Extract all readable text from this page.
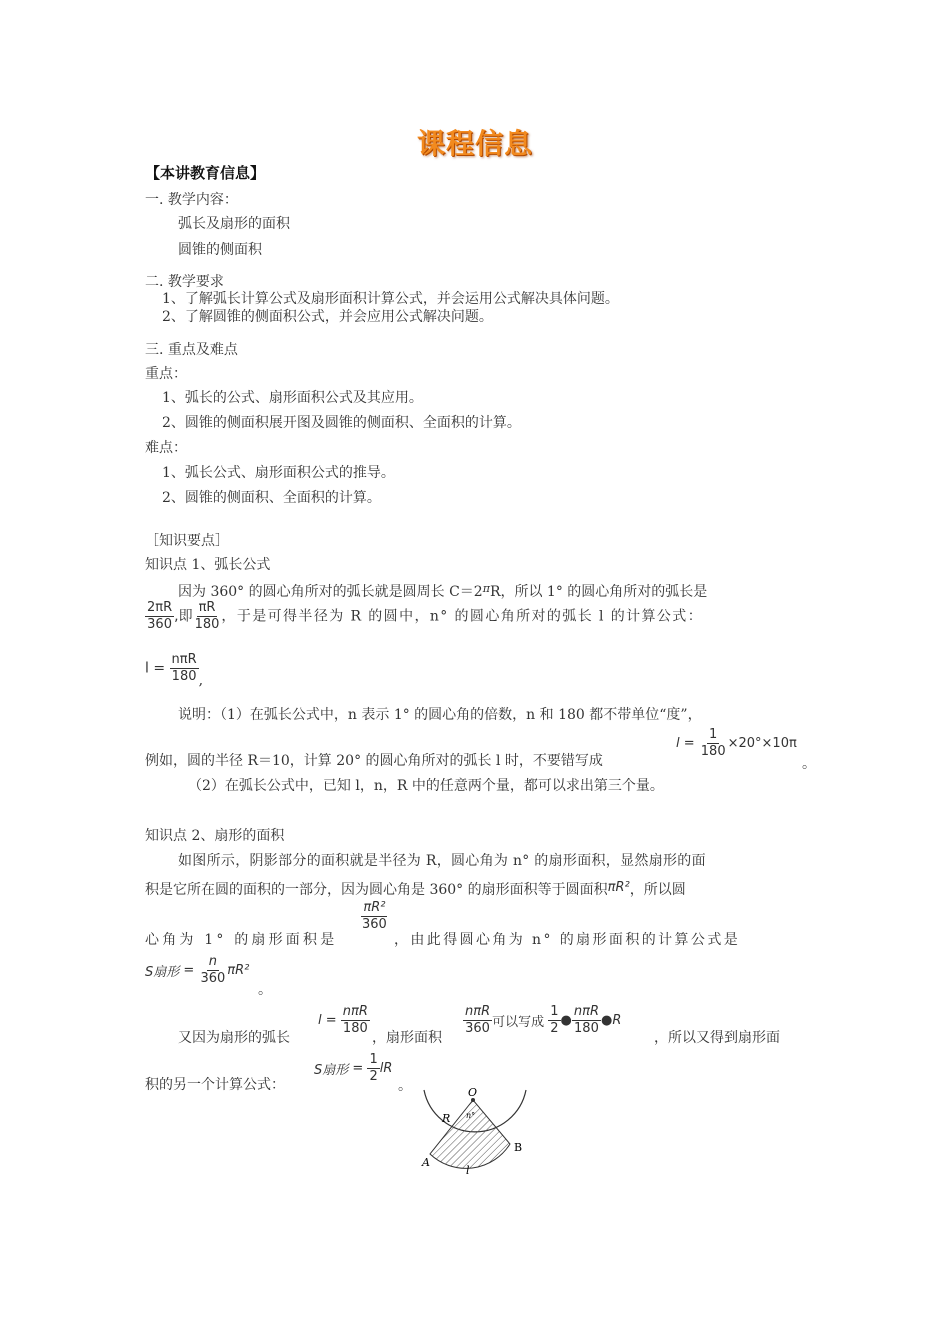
课程信息
【本讲教育信息】
一. 教学内容：
弧长及扇形的面积
圆锥的侧面积
二. 教学要求
1、了解弧长计算公式及扇形面积计算公式，并会运用公式解决具体问题。
2、了解圆锥的侧面积公式，并会应用公式解决问题。
三. 重点及难点
重点：
1、弧长的公式、扇形面积公式及其应用。
2、圆锥的侧面积展开图及圆锥的侧面积、全面积的计算。
难点：
1、弧长公式、扇形面积公式的推导。
2、圆锥的侧面积、全面积的计算。
［知识要点］
知识点 1、弧长公式
因为 360° 的圆心角所对的弧长就是圆周长 $C=2^\pi R$，所以 1° 的圆心角所对的弧长是
$\frac{2\pi R}{360}$ ,即 $\frac{\pi R}{180}$ ，于是可得半径为 R 的圆中，n° 的圆心角所对的弧长 l 的计算公式：
$l = \frac{\text{nπR}}{180}$ ,
说明：（1）在弧长公式中，n 表示 1° 的圆心角的倍数，n 和 180 都不带单位“度”，
例如，圆的半径 R＝10，计算 20° 的圆心角所对的弧长 l 时，不要错写成
$l = \frac{1}{180} \times 20^\circ\times 10\pi$
。
（2）在弧长公式中，已知 l，n，R 中的任意两个量，都可以求出第三个量。
知识点 2、扇形的面积
如图所示，阴影部分的面积就是半径为 R，圆心角为 n° 的扇形面积，显然扇形的面
积是它所在圆的面积的一部分，因为圆心角是 360° 的扇形面积等于圆面积πR²，所以圆
心角为 1° 的扇形面积是
$\frac{\text{πR²}}{360}$
，由此得圆心角为 n° 的扇形面积的计算公式是
S扇形 = $\frac{n}{360} \pi R^2$
。
又因为扇形的弧长
$l = \frac{\text{nπR}}{180}$
，扇形面积
$\frac{\text{nπR}}{360}$ 可以写成 $\frac{1}{2}$ ● $\frac{\text{nπR}}{180}$ ●R
，所以又得到扇形面
积的另一个计算公式：
S扇形 = $\frac{1}{2}$ lR
。	O
R n°
A
B
l
